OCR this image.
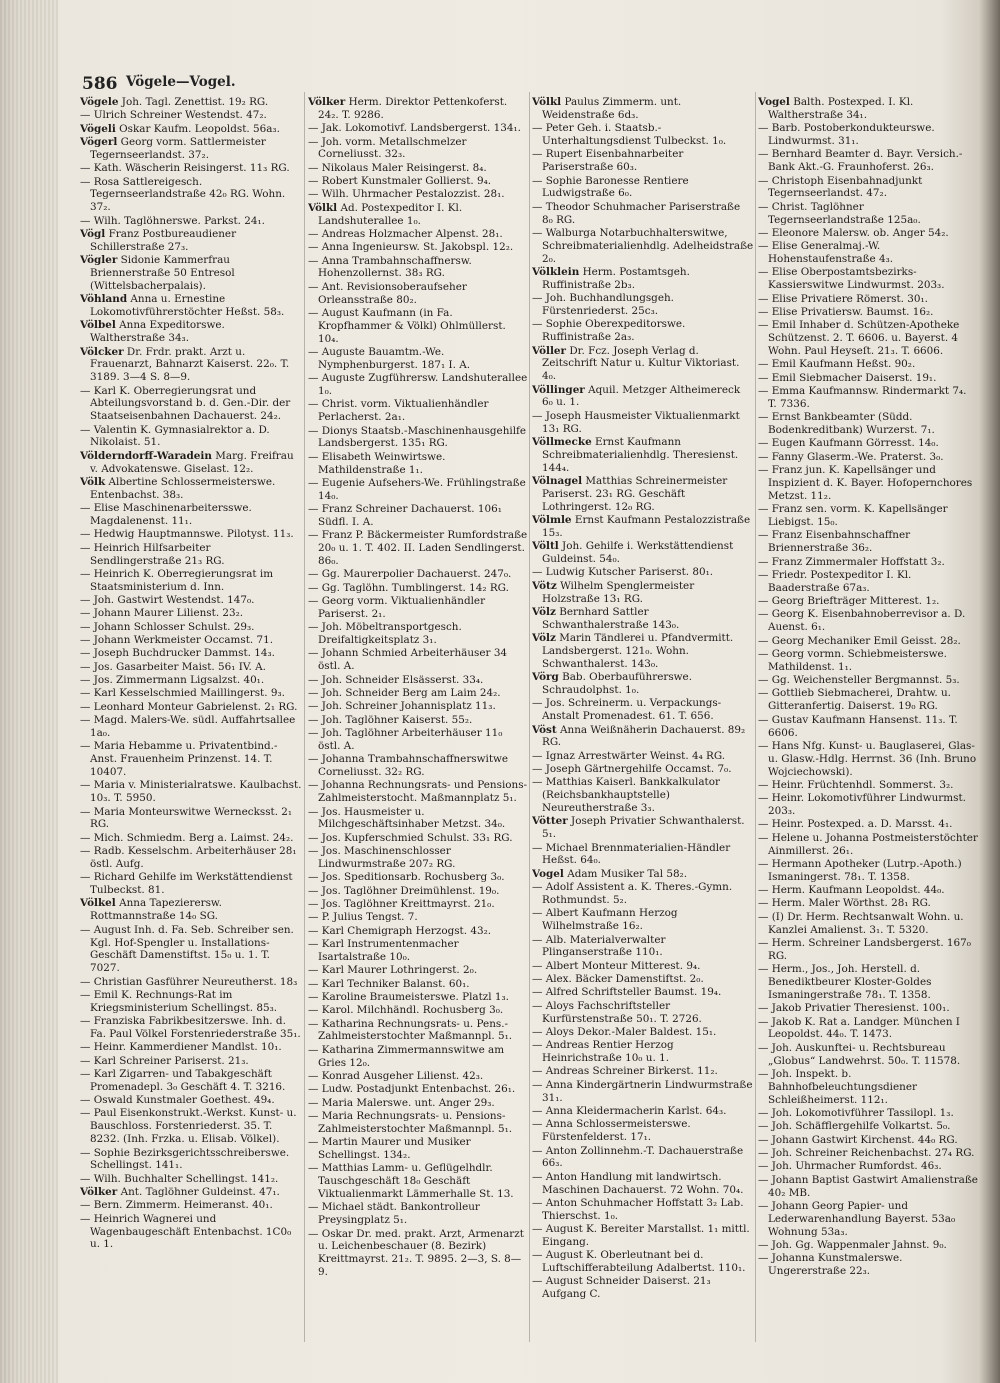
586 Vögele—Vogel.
Vögele Joh. Tagl. Zenettist. 19₂ RG.
— Ulrich Schreiner Westendst. 47₂.
Vögeli Oskar Kaufm. Leopoldst. 56a₃.
Vögerl Georg vorm. Sattlermeister Tegernseerlandst. 37₂.
— Kath. Wäscherin Reisingerst. 11₃ RG.
— Rosa Sattlereigesch. Tegernseerlandstraße 42₀ RG. Wohn. 37₂.
— Wilh. Taglöhnerswe. Parkst. 24₁.
Vögl Franz Postbureaudiener Schillerstraße 27₃.
Vögler Sidonie Kammerfrau Briennerstraße 50 Entresol (Wittelsbacherpalais).
Vöhland Anna u. Ernestine Lokomotivführerstöchter Heßst. 58₃.
Völbel Anna Expeditorswe. Waltherstraße 34₃.
Völcker Dr. Frdr. prakt. Arzt u. Frauenarzt, Bahnarzt Kaiserst. 22₀. T. 3189. 3—4 S. 8—9.
— Karl K. Oberregierungsrat und Abteilungsvorstand b. d. Gen.-Dir. der Staatseisenbahnen Dachauerst. 24₂.
— Valentin K. Gymnasialrektor a. D. Nikolaist. 51.
Völderndorff-Waradein Marg. Freifrau v. Advokatenswe. Giselast. 12₂.
Völk Albertine Schlossermeisterswe. Entenbachst. 38₃.
— Elise Maschinenarbeitersswe. Magdalenenst. 11₁.
— Hedwig Hauptmannswe. Pilotyst. 11₃.
— Heinrich Hilfsarbeiter Sendlingerstraße 21₃ RG.
— Heinrich K. Oberregierungsrat im Staatsministerium d. Inn.
— Joh. Gastwirt Westendst. 147₀.
— Johann Maurer Lilienst. 23₂.
— Johann Schlosser Schulst. 29₃.
— Johann Werkmeister Occamst. 71.
— Joseph Buchdrucker Dammst. 14₃.
— Jos. Gasarbeiter Maist. 56₁ IV. A.
— Jos. Zimmermann Ligsalzst. 40₁.
— Karl Kesselschmied Maillingerst. 9₃.
— Leonhard Monteur Gabrielenst. 2₁ RG.
— Magd. Malers-We. südl. Auffahrtsallee 1a₀.
— Maria Hebamme u. Privatentbind.-Anst. Frauenheim Prinzenst. 14. T. 10407.
— Maria v. Ministerialratswe. Kaulbachst. 10₃. T. 5950.
— Maria Monteurswitwe Wernecksst. 2₁ RG.
— Mich. Schmiedm. Berg a. Laimst. 24₂.
— Radb. Kesselschm. Arbeiterhäuser 28₁ östl. Aufg.
— Richard Gehilfe im Werkstättendienst Tulbeckst. 81.
Völkel Anna Tapezierersw. Rottmannstraße 14₀ SG.
— August Inh. d. Fa. Seb. Schreiber sen. Kgl. Hof-Spengler u. Installations-Geschäft Damenstiftst. 15₀ u. 1. T. 7027.
— Christian Gasführer Neureutherst. 18₃
— Emil K. Rechnungs-Rat im Kriegsministerium Schellingst. 85₃.
— Franziska Fabrikbesitzerswe. Inh. d. Fa. Paul Völkel Forstenriederstraße 35₁.
— Heinr. Kammerdiener Mandlst. 10₁.
— Karl Schreiner Pariserst. 21₃.
— Karl Zigarren- und Tabakgeschäft Promenadepl. 3₀ Geschäft 4. T. 3216.
— Oswald Kunstmaler Goethest. 49₄.
— Paul Eisenkonstrukt.-Werkst. Kunst- u. Bauschloss. Forstenriederst. 35. T. 8232. (Inh. Frzka. u. Elisab. Völkel).
— Sophie Bezirksgerichtsschreiberswe. Schellingst. 141₁.
— Wilh. Buchhalter Schellingst. 141₂.
Völker Ant. Taglöhner Guldeinst. 47₁.
— Bern. Zimmerm. Heimeranst. 40₁.
— Heinrich Wagnerei und Wagenbaugeschäft Entenbachst. 1C0₀ u. 1.
Völker Herm. Direktor Pettenkoferst. 24₂. T. 9286.
— Jak. Lokomotivf. Landsbergerst. 134₁.
— Joh. vorm. Metallschmelzer Corneliusst. 32₃.
— Nikolaus Maler Reisingerst. 8₄.
— Robert Kunstmaler Gollierst. 9₄.
— Wilh. Uhrmacher Pestalozzist. 28₁.
Völkl Ad. Postexpeditor I. Kl. Landshuterallee 1₀.
— Andreas Holzmacher Alpenst. 28₁.
— Anna Ingenieursw. St. Jakobspl. 12₂.
— Anna Trambahnschaffnersw. Hohenzollernst. 38₃ RG.
— Ant. Revisionsoberaufseher Orleansstraße 80₂.
— August Kaufmann (in Fa. Kropfhammer & Völkl) Ohlmüllerst. 10₄.
— Auguste Bauamtm.-We. Nymphenburgerst. 187₁ I. A.
— Auguste Zugführersw. Landshuterallee 1₀.
— Christ. vorm. Viktualienhändler Perlacherst. 2a₁.
— Dionys Staatsb.-Maschinenhausgehilfe Landsbergerst. 135₁ RG.
— Elisabeth Weinwirtswe. Mathildenstraße 1₁.
— Eugenie Aufsehers-We. Frühlingstraße 14₀.
— Franz Schreiner Dachauerst. 106₁ Südfl. I. A.
— Franz P. Bäckermeister Rumfordstraße 20₀ u. 1. T. 402. II. Laden Sendlingerst. 86₀.
— Gg. Maurerpolier Dachauerst. 247₀.
— Gg. Taglöhn. Tumblingerst. 14₂ RG.
— Georg vorm. Viktualienhändler Pariserst. 2₁.
— Joh. Möbeltransportgesch. Dreifaltigkeitsplatz 3₁.
— Johann Schmied Arbeiterhäuser 34 östl. A.
— Joh. Schneider Elsässerst. 33₄.
— Joh. Schneider Berg am Laim 24₂.
— Joh. Schreiner Johannisplatz 11₃.
— Joh. Taglöhner Kaiserst. 55₂.
— Joh. Taglöhner Arbeiterhäuser 11₀ östl. A.
— Johanna Trambahnschaffnerswitwe Corneliusst. 32₂ RG.
— Johanna Rechnungsrats- und Pensions-Zahlmeisterstocht. Maßmannplatz 5₁.
— Jos. Hausmeister u. Milchgeschäftsinhaber Metzst. 34₀.
— Jos. Kupferschmied Schulst. 33₁ RG.
— Jos. Maschinenschlosser Lindwurmstraße 207₂ RG.
— Jos. Speditionsarb. Rochusberg 3₀.
— Jos. Taglöhner Dreimühlenst. 19₀.
— Jos. Taglöhner Kreittmayrst. 21₀.
— P. Julius Tengst. 7.
— Karl Chemigraph Herzogst. 43₂.
— Karl Instrumentenmacher Isartalstraße 10₀.
— Karl Maurer Lothringerst. 2₀.
— Karl Techniker Balanst. 60₁.
— Karoline Braumeisterswe. Platzl 1₃.
— Karol. Milchhändl. Rochusberg 3₀.
— Katharina Rechnungsrats- u. Pens.-Zahlmeisterstochter Maßmannpl. 5₁.
— Katharina Zimmermannswitwe am Gries 12₀.
— Konrad Ausgeher Lilienst. 42₃.
— Ludw. Postadjunkt Entenbachst. 26₁.
— Maria Malerswe. unt. Anger 29₃.
— Maria Rechnungsrats- u. Pensions-Zahlmeisterstochter Maßmannpl. 5₁.
— Martin Maurer und Musiker Schellingst. 134₂.
— Matthias Lamm- u. Geflügelhdlr. Tauschgeschäft 18₀ Geschäft Viktualienmarkt Lämmerhalle St. 13.
— Michael städt. Bankontrolleur Preysingplatz 5₁.
— Oskar Dr. med. prakt. Arzt, Armenarzt u. Leichenbeschauer (8. Bezirk) Kreittmayrst. 21₂. T. 9895. 2—3, S. 8—9.
Völkl Paulus Zimmerm. unt. Weidenstraße 6d₃.
— Peter Geh. i. Staatsb.-Unterhaltungsdienst Tulbeckst. 1₀.
— Rupert Eisenbahnarbeiter Pariserstraße 60₃.
— Sophie Baronesse Rentiere Ludwigstraße 6₀.
— Theodor Schuhmacher Pariserstraße 8₀ RG.
— Walburga Notarbuchhalterswitwe, Schreibmaterialienhdlg. Adelheidstraße 2₀.
Völklein Herm. Postamtsgeh. Ruffinistraße 2b₃.
— Joh. Buchhandlungsgeh. Fürstenriederst. 25c₃.
— Sophie Oberexpeditorswe. Ruffinistraße 2a₃.
Völler Dr. Fcz. Joseph Verlag d. Zeitschrift Natur u. Kultur Viktoriast. 4₀.
Völlinger Aquil. Metzger Altheimereck 6₀ u. 1.
— Joseph Hausmeister Viktualienmarkt 13₁ RG.
Völlmecke Ernst Kaufmann Schreibmaterialienhdlg. Theresienst. 144₄.
Völnagel Matthias Schreinermeister Pariserst. 23₁ RG. Geschäft Lothringerst. 12₀ RG.
Völmle Ernst Kaufmann Pestalozzistraße 15₃.
Völtl Joh. Gehilfe i. Werkstättendienst Guldeinst. 54₀.
— Ludwig Kutscher Pariserst. 80₁.
Vötz Wilhelm Spenglermeister Holzstraße 13₁ RG.
Völz Bernhard Sattler Schwanthalerstraße 143₀.
Völz Marin Tändlerei u. Pfandvermitt. Landsbergerst. 121₀. Wohn. Schwanthalerst. 143₀.
Vörg Bab. Oberbauführerswe. Schraudolphst. 1₀.
— Jos. Schreinerm. u. Verpackungs-Anstalt Promenadest. 61. T. 656.
Vöst Anna Weißnäherin Dachauerst. 89₂ RG.
— Ignaz Arrestwärter Weinst. 4₄ RG.
— Joseph Gärtnergehilfe Occamst. 7₀.
— Matthias Kaiserl. Bankkalkulator (Reichsbankhauptstelle) Neureutherstraße 3₃.
Vötter Joseph Privatier Schwanthalerst. 5₁.
— Michael Brennmaterialien-Händler Heßst. 64₀.
Vogel Adam Musiker Tal 58₂.
— Adolf Assistent a. K. Theres.-Gymn. Rothmundst. 5₂.
— Albert Kaufmann Herzog Wilhelmstraße 16₂.
— Alb. Materialverwalter Plinganserstraße 110₁.
— Albert Monteur Mitterest. 9₄.
— Alex. Bäcker Damenstiftst. 2₀.
— Alfred Schriftsteller Baumst. 19₄.
— Aloys Fachschriftsteller Kurfürstenstraße 50₁. T. 2726.
— Aloys Dekor.-Maler Baldest. 15₁.
— Andreas Rentier Herzog Heinrichstraße 10₀ u. 1.
— Andreas Schreiner Birkerst. 11₂.
— Anna Kindergärtnerin Lindwurmstraße 31₁.
— Anna Kleidermacherin Karlst. 64₃.
— Anna Schlossermeisterswe. Fürstenfelderst. 17₁.
— Anton Zollinnehm.-T. Dachauerstraße 66₃.
— Anton Handlung mit landwirtsch. Maschinen Dachauerst. 72 Wohn. 70₄.
— Anton Schuhmacher Hoffstatt 3₂ Lab. Thierschst. 1₀.
— August K. Bereiter Marstallst. 1₁ mittl. Eingang.
— August K. Oberleutnant bei d. Luftschifferabteilung Adalbertst. 110₁.
— August Schneider Daiserst. 21₃ Aufgang C.
Vogel Balth. Postexped. I. Kl. Waltherstraße 34₁.
— Barb. Postoberkondukteurswe. Lindwurmst. 31₁.
— Bernhard Beamter d. Bayr. Versich.-Bank Akt.-G. Fraunhoferst. 26₃.
— Christoph Eisenbahnadjunkt Tegernseerlandst. 47₂.
— Christ. Taglöhner Tegernseerlandstraße 125a₀.
— Eleonore Malersw. ob. Anger 54₂.
— Elise Generalmaj.-W. Hohenstaufenstraße 4₃.
— Elise Oberpostamtsbezirks-Kassierswitwe Lindwurmst. 203₃.
— Elise Privatiere Römerst. 30₁.
— Elise Privatiersw. Baumst. 16₂.
— Emil Inhaber d. Schützen-Apotheke Schützenst. 2. T. 6606. u. Bayerst. 4 Wohn. Paul Heyseſt. 21₃. T. 6606.
— Emil Kaufmann Heßst. 90₂.
— Emil Siebmacher Daiserst. 19₁.
— Emma Kaufmannsw. Rindermarkt 7₄. T. 7336.
— Ernst Bankbeamter (Südd. Bodenkreditbank) Wurzerst. 7₁.
— Eugen Kaufmann Görresst. 14₀.
— Fanny Glaserm.-We. Praterst. 3₀.
— Franz jun. K. Kapellsänger und Inspizient d. K. Bayer. Hofopernchores Metzst. 11₂.
— Franz sen. vorm. K. Kapellsänger Liebigst. 15₀.
— Franz Eisenbahnschaffner Briennerstraße 36₂.
— Franz Zimmermaler Hoffstatt 3₂.
— Friedr. Postexpeditor I. Kl. Baaderstraße 67a₃.
— Georg Briefträger Mitterest. 1₂.
— Georg K. Eisenbahnoberrevisor a. D. Auenst. 6₁.
— Georg Mechaniker Emil Geisst. 28₂.
— Georg vormn. Schiebmeisterswe. Mathildenst. 1₁.
— Gg. Weichensteller Bergmannst. 5₃.
— Gottlieb Siebmacherei, Drahtw. u. Gitteranfertig. Daiserst. 19₀ RG.
— Gustav Kaufmann Hansenst. 11₃. T. 6606.
— Hans Nfg. Kunst- u. Bauglaserei, Glas- u. Glasw.-Hdlg. Herrnst. 36 (Inh. Bruno Wojciechowski).
— Heinr. Früchtenhdl. Sommerst. 3₂.
— Heinr. Lokomotivführer Lindwurmst. 203₃.
— Heinr. Postexped. a. D. Marsst. 4₁.
— Helene u. Johanna Postmeisterstöchter Ainmillerst. 26₁.
— Hermann Apotheker (Lutrp.-Apoth.) Ismaningerst. 78₁. T. 1358.
— Herm. Kaufmann Leopoldst. 44₀.
— Herm. Maler Wörthst. 28₁ RG.
— (I) Dr. Herm. Rechtsanwalt Wohn. u. Kanzlei Amalienst. 3₁. T. 5320.
— Herm. Schreiner Landsbergerst. 167₀ RG.
— Herm., Jos., Joh. Herstell. d. Benediktbeurer Kloster-Goldes Ismaningerstraße 78₁. T. 1358.
— Jakob Privatier Theresienst. 100₁.
— Jakob K. Rat a. Landger. München I Leopoldst. 44₀. T. 1473.
— Joh. Auskunftei- u. Rechtsbureau „Globus“ Landwehrst. 50₀. T. 11578.
— Joh. Inspekt. b. Bahnhofbeleuchtungsdiener Schleißheimerst. 112₁.
— Joh. Lokomotivführer Tassilopl. 1₃.
— Joh. Schäfflergehilfe Volkartst. 5₀.
— Johann Gastwirt Kirchenst. 44₀ RG.
— Joh. Schreiner Reichenbachst. 27₄ RG.
— Joh. Uhrmacher Rumfordst. 46₃.
— Johann Baptist Gastwirt Amalienstraße 40₂ MB.
— Johann Georg Papier- und Lederwarenhandlung Bayerst. 53a₀ Wohnung 53a₃.
— Joh. Gg. Wappenmaler Jahnst. 9₀.
— Johanna Kunstmalerswe. Ungererstraße 22₃.
